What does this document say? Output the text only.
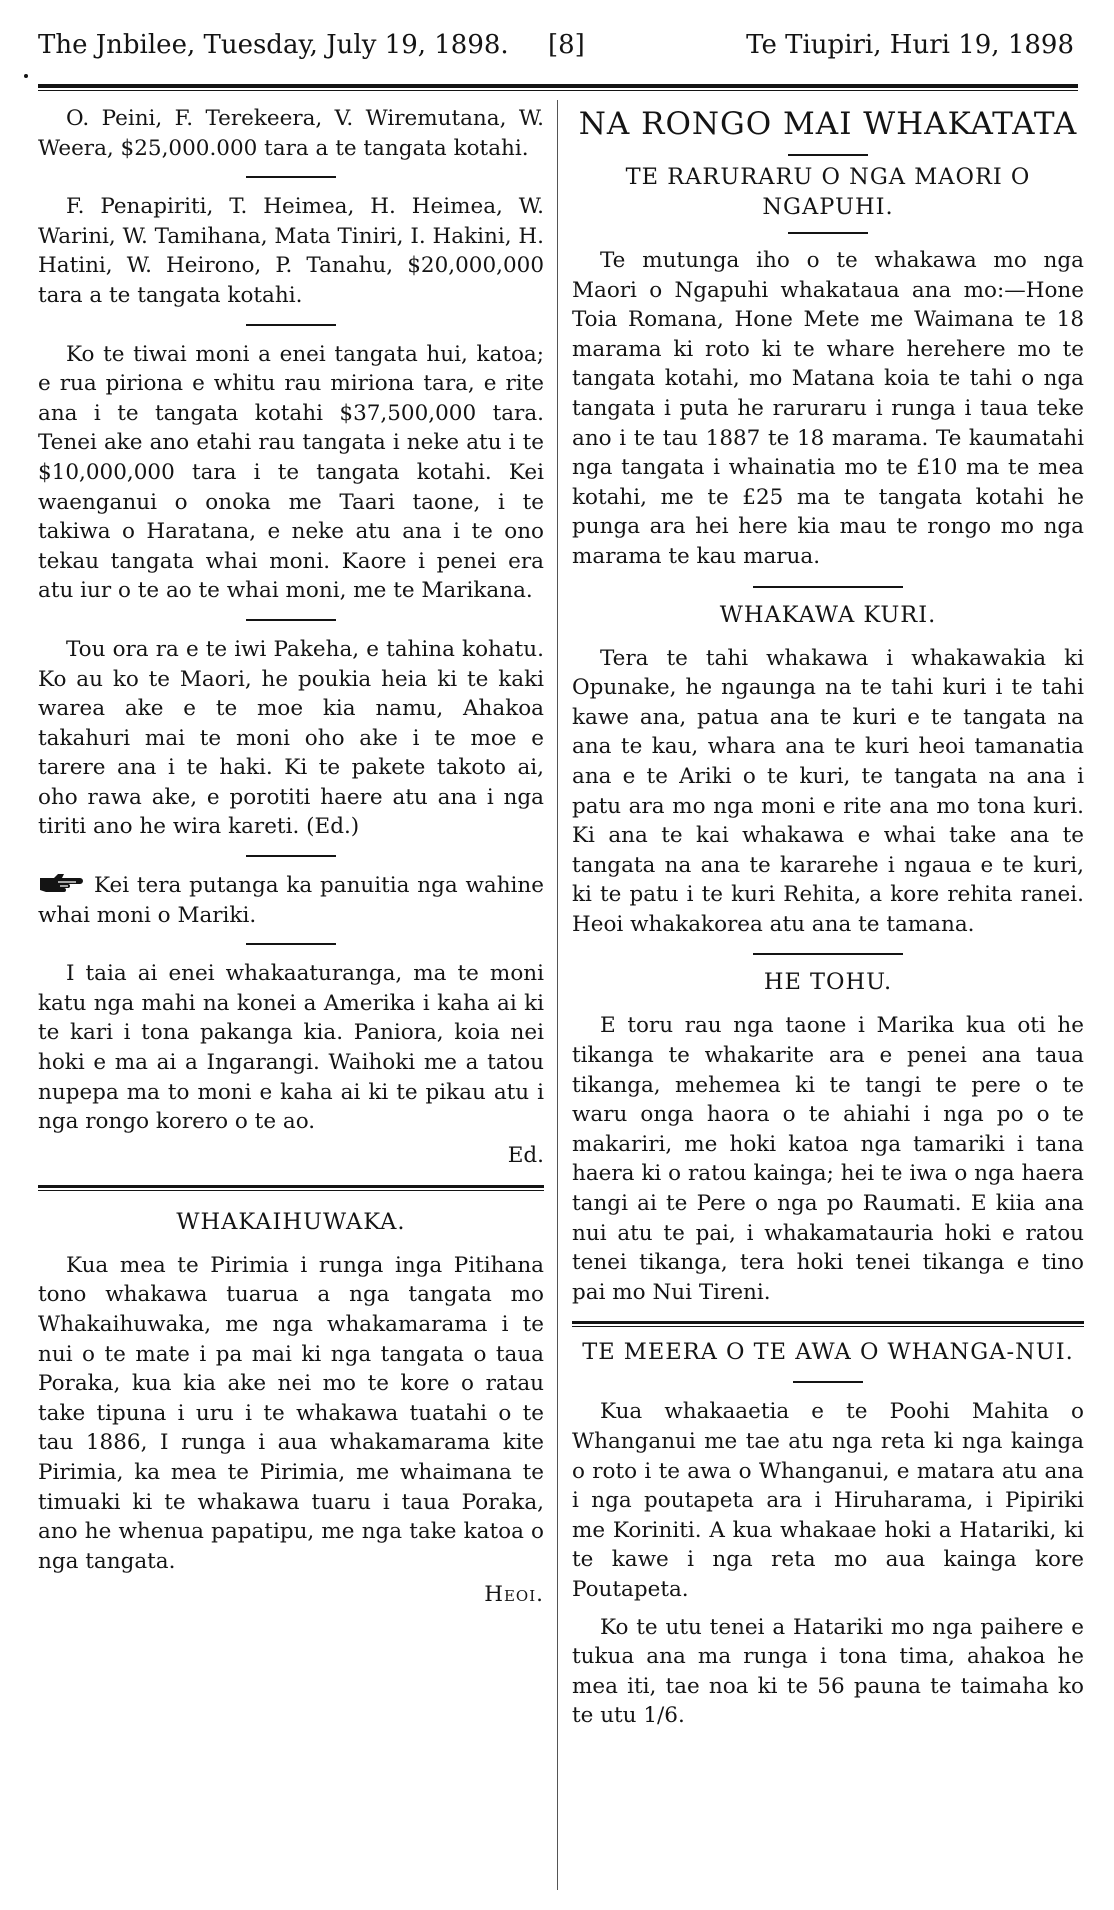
The Jnbilee, Tuesday, July 19, 1898. [8]	Te Tiupiri, Huri 19, 1898

O. Peini, F. Terekeera, V. Wiremutana, W. Weera, $25,000.000 tara a te tangata kotahi.

F. Penapiriti, T. Heimea, H. Heimea, W. Warini, W. Tamihana, Mata Tiniri, I. Hakini, H. Hatini, W. Heirono, P. Tanahu, $20,000,000 tara a te tangata kotahi.

Ko te tiwai moni a enei tangata hui, katoa; e rua piriona e whitu rau miriona tara, e rite ana i te tangata kotahi $37,500,000 tara. Tenei ake ano etahi rau tangata i neke atu i te $10,000,000 tara i te tangata kotahi. Kei waenganui o onoka me Taari taone, i te takiwa o Haratana, e neke atu ana i te ono tekau tangata whai moni. Kaore i penei era atu iur o te ao te whai moni, me te Marikana.

Tou ora ra e te iwi Pakeha, e tahina kohatu. Ko au ko te Maori, he poukia heia ki te kaki warea ake e te moe kia namu, Ahakoa takahuri mai te moni oho ake i te moe e tarere ana i te haki. Ki te pakete takoto ai, oho rawa ake, e porotiti haere atu ana i nga tiriti ano he wira kareti. (Ed.)

Kei tera putanga ka panuitia nga wahine whai moni o Mariki.

I taia ai enei whakaaturanga, ma te moni katu nga mahi na konei a Amerika i kaha ai ki te kari i tona pakanga kia. Paniora, koia nei hoki e ma ai a Ingarangi. Waihoki me a tatou nupepa ma to moni e kaha ai ki te pikau atu i nga rongo korero o te ao.

Ed.
WHAKAIHUWAKA.

Kua mea te Pirimia i runga inga Pitihana tono whakawa tuarua a nga tangata mo Whakaihuwaka, me nga whakamarama i te nui o te mate i pa mai ki nga tangata o taua Poraka, kua kia ake nei mo te kore o ratau take tipuna i uru i te whakawa tuatahi o te tau 1886, I runga i aua whakamarama kite Pirimia, ka mea te Pirimia, me whaimana te timuaki ki te whakawa tuaru i taua Poraka, ano he whenua papatipu, me nga take katoa o nga tangata.

Heoi.
NA RONGO MAI WHAKATATA
TE RARURARU O NGA MAORI O NGAPUHI.

Te mutunga iho o te whakawa mo nga Maori o Ngapuhi whakataua ana mo:—Hone Toia Romana, Hone Mete me Waimana te 18 marama ki roto ki te whare herehere mo te tangata kotahi, mo Matana koia te tahi o nga tangata i puta he raruraru i runga i taua teke ano i te tau 1887 te 18 marama. Te kaumatahi nga tangata i whainatia mo te £10 ma te mea kotahi, me te £25 ma te tangata kotahi he punga ara hei here kia mau te rongo mo nga marama te kau marua.

WHAKAWA KURI.

Tera te tahi whakawa i whakawakia ki Opunake, he ngaunga na te tahi kuri i te tahi kawe ana, patua ana te kuri e te tangata na ana te kau, whara ana te kuri heoi tamanatia ana e te Ariki o te kuri, te tangata na ana i patu ara mo nga moni e rite ana mo tona kuri. Ki ana te kai whakawa e whai take ana te tangata na ana te kararehe i ngaua e te kuri, ki te patu i te kuri Rehita, a kore rehita ranei. Heoi whakakorea atu ana te tamana.

HE TOHU.

E toru rau nga taone i Marika kua oti he tikanga te whakarite ara e penei ana taua tikanga, mehemea ki te tangi te pere o te waru onga haora o te ahiahi i nga po o te makariri, me hoki katoa nga tamariki i tana haera ki o ratou kainga; hei te iwa o nga haera tangi ai te Pere o nga po Raumati. E kiia ana nui atu te pai, i whakamatauria hoki e ratou tenei tikanga, tera hoki tenei tikanga e tino pai mo Nui Tireni.

TE MEERA O TE AWA O WHANGA-NUI.

Kua whakaaetia e te Poohi Mahita o Whanganui me tae atu nga reta ki nga kainga o roto i te awa o Whanganui, e matara atu ana i nga poutapeta ara i Hiruharama, i Pipiriki me Koriniti. A kua whakaae hoki a Hatariki, ki te kawe i nga reta mo aua kainga kore Poutapeta.

Ko te utu tenei a Hatariki mo nga paihere e tukua ana ma runga i tona tima, ahakoa he mea iti, tae noa ki te 56 pauna te taimaha ko te utu 1/6.
